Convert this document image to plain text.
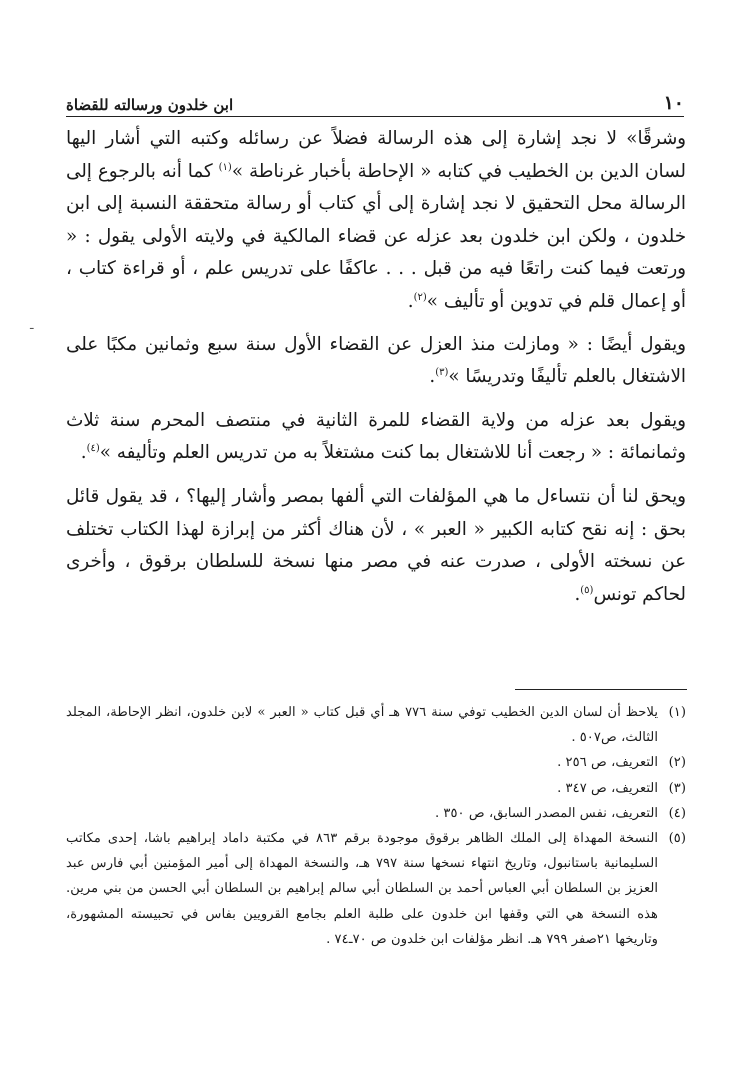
١٠
ابن خلدون ورسالته للقضاة

وشرقًا» لا نجد إشارة إلى هذه الرسالة فضلاً عن رسائله وكتبه التي أشار اليها لسان الدين بن الخطيب في كتابه « الإحاطة بأخبار غرناطة »$^{(١)}$ كما أنه بالرجوع إلى الرسالة محل التحقيق لا نجد إشارة إلى أي كتاب أو رسالة متحققة النسبة إلى ابن خلدون ، ولكن ابن خلدون بعد عزله عن قضاء المالكية في ولايته الأولى يقول : « ورتعت فيما كنت راتعًا فيه من قبل . . . عاكفًا على تدريس علم ، أو قراءة كتاب ، أو إعمال قلم في تدوين أو تأليف »$^{(٢)}$.

ويقول أيضًا : « ومازلت منذ العزل عن القضاء الأول سنة سبع وثمانين مكبًا على الاشتغال بالعلم تأليفًا وتدريسًا »$^{(٣)}$.

ويقول بعد عزله من ولاية القضاء للمرة الثانية في منتصف المحرم سنة ثلاث وثمانمائة : « رجعت أنا للاشتغال بما كنت مشتغلاً به من تدريس العلم وتأليفه »$^{(٤)}$.

ويحق لنا أن نتساءل ما هي المؤلفات التي ألفها بمصر وأشار إليها؟ ، قد يقول قائل بحق : إنه نقح كتابه الكبير « العبر » ، لأن هناك أكثر من إبرازة لهذا الكتاب تختلف عن نسخته الأولى ، صدرت عنه في مصر منها نسخة للسلطان برقوق ، وأخرى لحاكم تونس$^{(٥)}$.

(١)
يلاحظ أن لسان الدين الخطيب توفي سنة ٧٧٦ هـ أي قبل كتاب « العبر » لابن خلدون، انظر الإحاطة، المجلد الثالث، ص٥٠٧ .
(٢)
التعريف، ص ٢٥٦ .
(٣)
التعريف، ص ٣٤٧ .
(٤)
التعريف، نفس المصدر السابق، ص ٣٥٠ .
(٥)
النسخة المهداة إلى الملك الظاهر برقوق موجودة برقم ٨٦٣ في مكتبة داماد إبراهيم باشا، إحدى مكاتب السليمانية باستانبول، وتاريخ انتهاء نسخها سنة ٧٩٧ هـ، والنسخة المهداة إلى أمير المؤمنين أبي فارس عبد العزيز بن السلطان أبي العباس أحمد بن السلطان أبي سالم إبراهيم بن السلطان أبي الحسن من بني مرين. هذه النسخة هي التي وقفها ابن خلدون على طلبة العلم بجامع القرويين بفاس في تحبيسته المشهورة، وتاريخها ٢١صفر ٧٩٩ هـ. انظر مؤلفات ابن خلدون ص ٧٠ـ٧٤ .
ـ
